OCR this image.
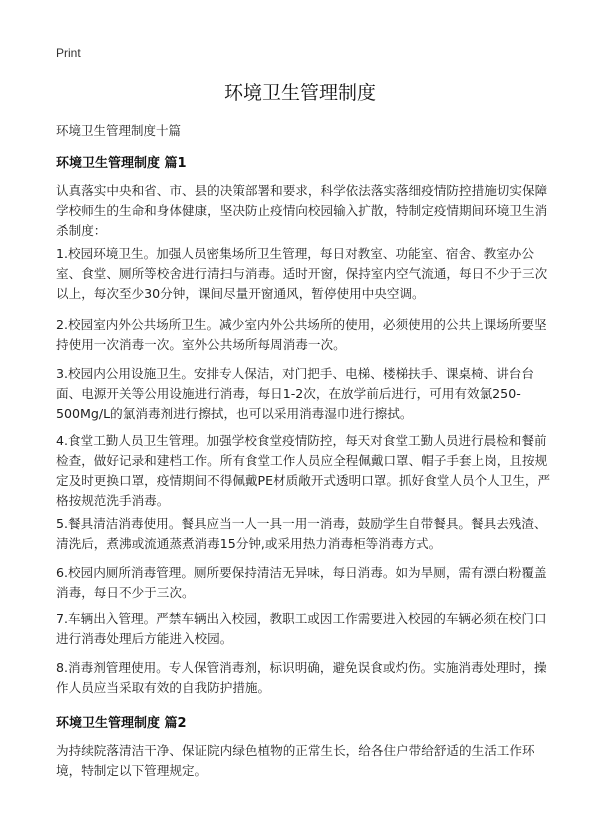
Print
环境卫生管理制度
环境卫生管理制度十篇
环境卫生管理制度 篇1

认真落实中央和省、市、县的决策部署和要求，科学依法落实落细疫情防控措施切实保障学校师生的生命和身体健康，坚决防止疫情向校园输入扩散，特制定疫情期间环境卫生消杀制度：

1.校园环境卫生。加强人员密集场所卫生管理，每日对教室、功能室、宿舍、教室办公室、食堂、厕所等校舍进行清扫与消毒。适时开窗，保持室内空气流通，每日不少于三次以上，每次至少30分钟，课间尽量开窗通风，暂停使用中央空调。

2.校园室内外公共场所卫生。减少室内外公共场所的使用，必须使用的公共上课场所要坚持使用一次消毒一次。室外公共场所每周消毒一次。

3.校园内公用设施卫生。安排专人保洁，对门把手、电梯、楼梯扶手、课桌椅、讲台台面、电源开关等公用设施进行消毒，每日1-2次，在放学前后进行，可用有效氯250-500Mg/L的氯消毒剂进行擦拭，也可以采用消毒湿巾进行擦拭。

4.食堂工勤人员卫生管理。加强学校食堂疫情防控，每天对食堂工勤人员进行晨检和餐前检查，做好记录和建档工作。所有食堂工作人员应全程佩戴口罩、帽子手套上岗，且按规定及时更换口罩，疫情期间不得佩戴PE材质敞开式透明口罩。抓好食堂人员个人卫生，严格按规范洗手消毒。

5.餐具清洁消毒使用。餐具应当一人一具一用一消毒，鼓励学生自带餐具。餐具去残渣、清洗后，煮沸或流通蒸煮消毒15分钟,或采用热力消毒柜等消毒方式。

6.校园内厕所消毒管理。厕所要保持清洁无异味，每日消毒。如为旱厕，需有漂白粉覆盖消毒，每日不少于三次。

7.车辆出入管理。严禁车辆出入校园，教职工或因工作需要进入校园的车辆必须在校门口进行消毒处理后方能进入校园。

8.消毒剂管理使用。专人保管消毒剂，标识明确，避免误食或灼伤。实施消毒处理时，操作人员应当采取有效的自我防护措施。

环境卫生管理制度 篇2

为持续院落清洁干净、保证院内绿色植物的正常生长，给各住户带给舒适的生活工作环境，特制定以下管理规定。
